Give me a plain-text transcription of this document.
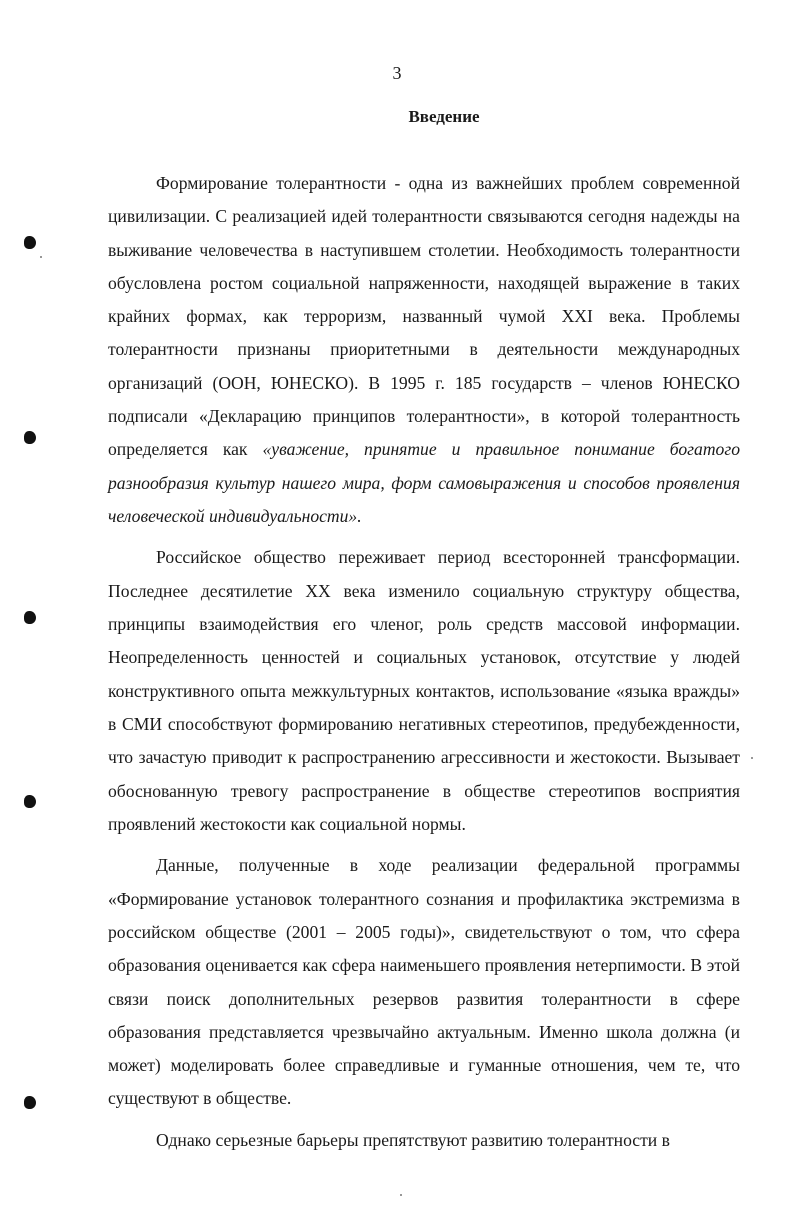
3
Введение

Формирование толерантности - одна из важнейших проблем современной цивилизации. С реализацией идей толерантности связываются сегодня надежды на выживание человечества в наступившем столетии. Необходимость толерантности обусловлена ростом социальной напряженности, находящей выражение в таких крайних формах, как терроризм, названный чумой XXI века. Проблемы толерантности признаны приоритетными в деятельности международных организаций (ООН, ЮНЕСКО). В 1995 г. 185 государств – членов ЮНЕСКО подписали «Декларацию принципов толерантности», в которой толерантность определяется как «уважение, принятие и правильное понимание богатого разнообразия культур нашего мира, форм самовыражения и способов проявления человеческой индивидуальности».

Российское общество переживает период всесторонней трансформации. Последнее десятилетие XX века изменило социальную структуру общества, принципы взаимодействия его членог, роль средств массовой информации. Неопределенность ценностей и социальных установок, отсутствие у людей конструктивного опыта межкультурных контактов, использование «языка вражды» в СМИ способствуют формированию негативных стереотипов, предубежденности, что зачастую приводит к распространению агрессивности и жестокости. Вызывает обоснованную тревогу распространение в обществе стереотипов восприятия проявлений жестокости как социальной нормы.

Данные, полученные в ходе реализации федеральной программы «Формирование установок толерантного сознания и профилактика экстремизма в российском обществе (2001 – 2005 годы)», свидетельствуют о том, что сфера образования оценивается как сфера наименьшего проявления нетерпимости. В этой связи поиск дополнительных резервов развития толерантности в сфере образования представляется чрезвычайно актуальным. Именно школа должна (и может) моделировать более справедливые и гуманные отношения, чем те, что существуют в обществе.

Однако серьезные барьеры препятствуют развитию толерантности в
